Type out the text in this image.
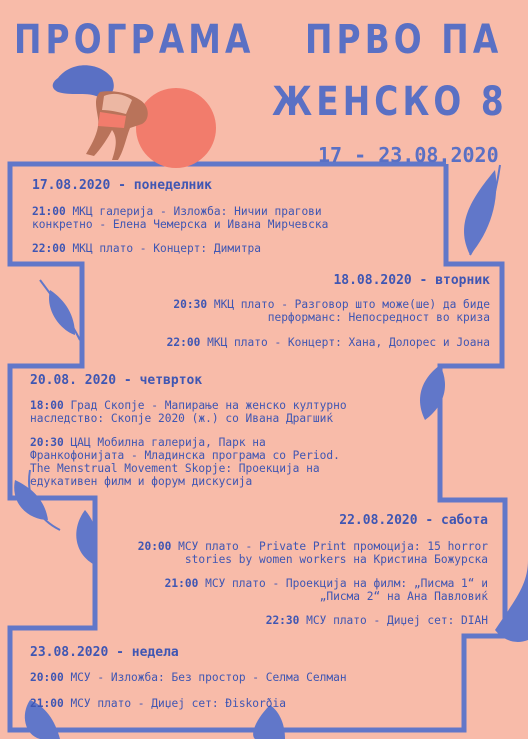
ПРОГРАМА ПРВО ПА
ЖЕНСКО 8
17 - 23.08.2020
17.08.2020 - понеделник
21:00 МКЦ галерија - Изложба: Ничии прагови
конкретно - Елена Чемерска и Ивана Мирчевска
22:00 МКЦ плато - Концерт: Димитра
18.08.2020 - вторник
20:30 МКЦ плато - Разговор што може(ше) да биде
перформанс: Непосредност во криза
22:00 МКЦ плато - Концерт: Хана, Долорес и Јоана
20.08. 2020 - четврток
18:00 Град Скопје - Мапирање на женско културно
наследство: Скопје 2020 (ж.) со Ивана Драгшиќ
20:30 ЦАЦ Мобилна галерија, Парк на
Франкофонијата - Младинска програма со Period.
The Menstrual Movement Skopje: Проекција на
едукативен филм и форум дискусија
22.08.2020 - сабота
20:00 МСУ плато - Private Print промоција: 15 horror
stories by women workers на Кристина Божурска
21:00 МСУ плато - Проекција на филм: „Писма 1“ и
„Писма 2“ на Ана Павловиќ
22:30 МСУ плато - Диџеј сет: DIAH
23.08.2020 - недела
20:00 МСУ - Изложба: Без простор - Селма Селман
21:00 МСУ плато - Диџеј сет: Ðiskorðia
